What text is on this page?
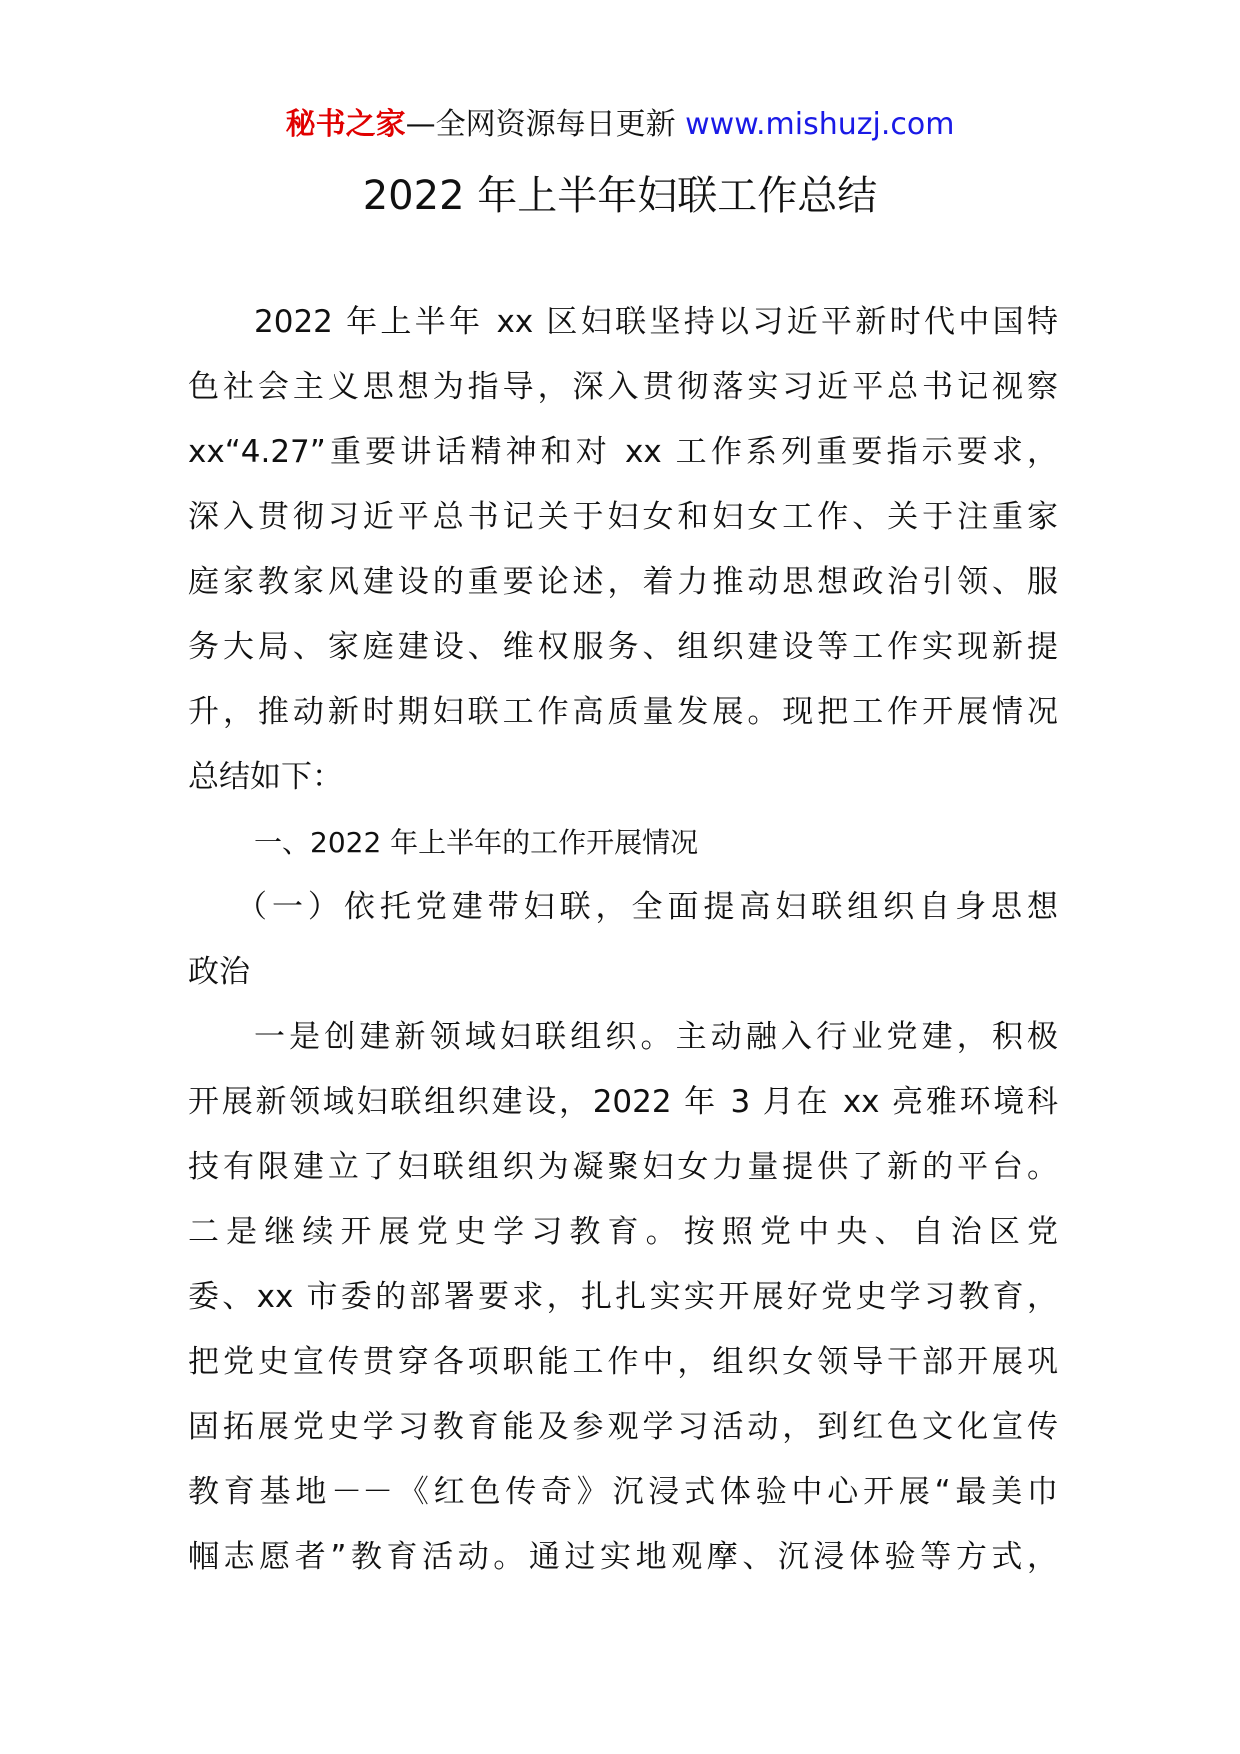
秘书之家—全网资源每日更新 www.mishuzj.com
2022 年上半年妇联工作总结
2022 年上半年 xx 区妇联坚持以习近平新时代中国特
色社会主义思想为指导，深入贯彻落实习近平总书记视察
xx“4.27”重要讲话精神和对 xx 工作系列重要指示要求，
深入贯彻习近平总书记关于妇女和妇女工作、关于注重家
庭家教家风建设的重要论述，着力推动思想政治引领、服
务大局、家庭建设、维权服务、组织建设等工作实现新提
升，推动新时期妇联工作高质量发展。现把工作开展情况
总结如下：
一、2022 年上半年的工作开展情况
（一）依托党建带妇联，全面提高妇联组织自身思想
政治
一是创建新领域妇联组织。主动融入行业党建，积极
开展新领域妇联组织建设，2022 年 3 月在 xx 亮雅环境科
技有限建立了妇联组织为凝聚妇女力量提供了新的平台。
二是继续开展党史学习教育。按照党中央、自治区党
委、xx 市委的部署要求，扎扎实实开展好党史学习教育，
把党史宣传贯穿各项职能工作中，组织女领导干部开展巩
固拓展党史学习教育能及参观学习活动，到红色文化宣传
教育基地－－《红色传奇》沉浸式体验中心开展“最美巾
帼志愿者”教育活动。通过实地观摩、沉浸体验等方式，
